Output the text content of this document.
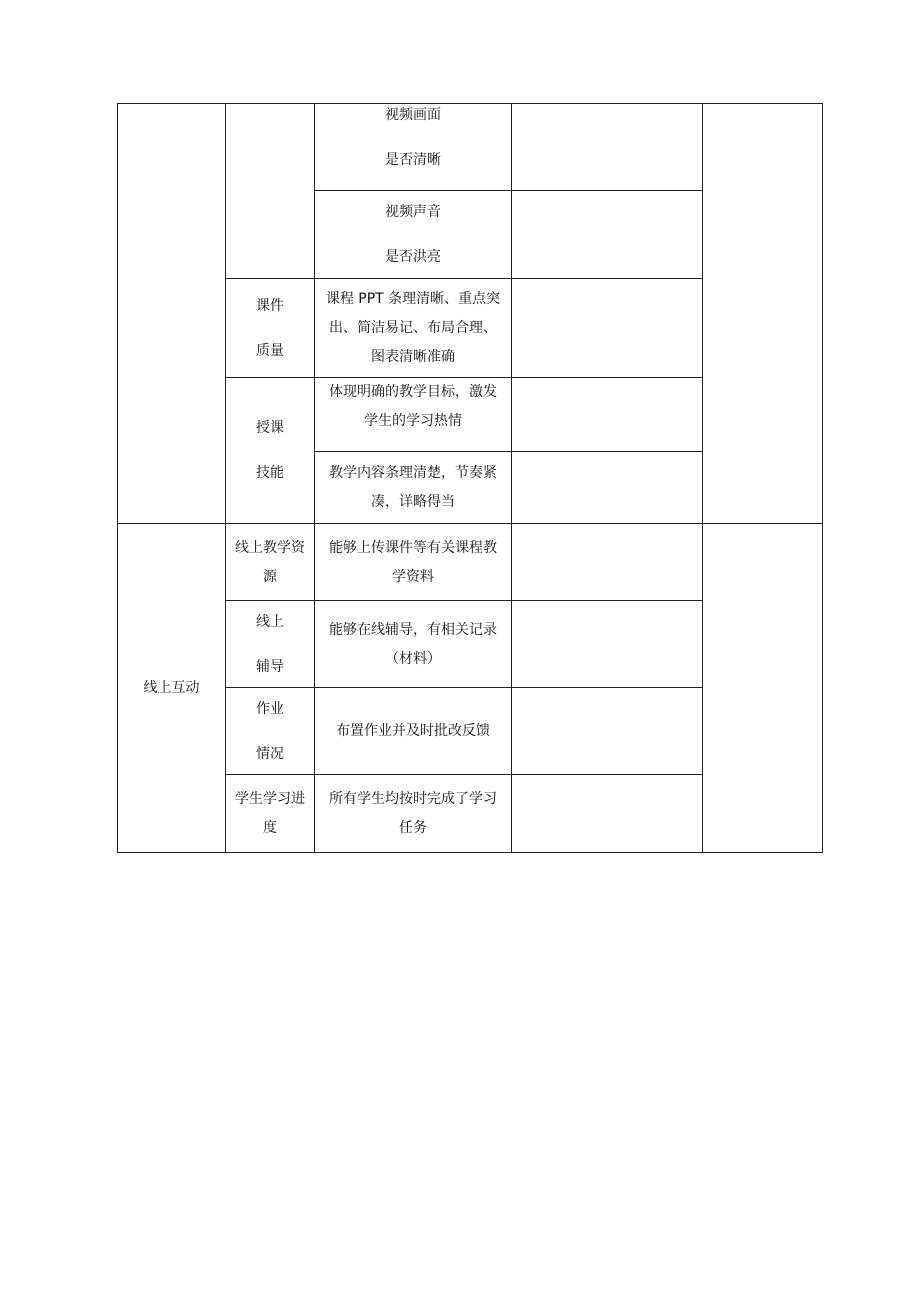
线上互动
课件
质量
授课
技能
线上教学资
源
线上
辅导
作业
情况
学生学习进
度
视频画面
是否清晰
视频声音
是否洪亮
课程 PPT 条理清晰、重点突
出、简洁易记、布局合理、
图表清晰准确
体现明确的教学目标，激发
学生的学习热情
教学内容条理清楚，节奏紧
凑，详略得当
能够上传课件等有关课程教
学资料
能够在线辅导，有相关记录
（材料）
布置作业并及时批改反馈
所有学生均按时完成了学习
任务
